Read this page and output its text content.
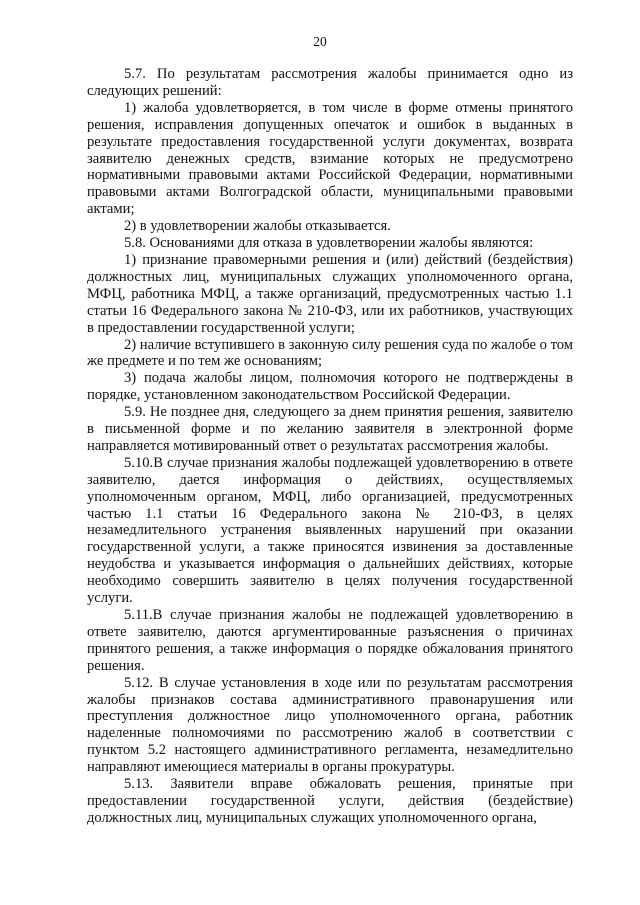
20

5.7. По результатам рассмотрения жалобы принимается одно из следующих решений:

1) жалоба удовлетворяется, в том числе в форме отмены принятого решения, исправления допущенных опечаток и ошибок в выданных в результате предоставления государственной услуги документах, возврата заявителю денежных средств, взимание которых не предусмотрено нормативными правовыми актами Российской Федерации, нормативными правовыми актами Волгоградской области, муниципальными правовыми актами;

2) в удовлетворении жалобы отказывается.

5.8. Основаниями для отказа в удовлетворении жалобы являются:

1) признание правомерными решения и (или) действий (бездействия) должностных лиц, муниципальных служащих уполномоченного органа, МФЦ, работника МФЦ, а также организаций, предусмотренных частью 1.1 статьи 16 Федерального закона № 210-ФЗ, или их работников, участвующих в предоставлении государственной услуги;

2) наличие вступившего в законную силу решения суда по жалобе о том же предмете и по тем же основаниям;

3) подача жалобы лицом, полномочия которого не подтверждены в порядке, установленном законодательством Российской Федерации.

5.9. Не позднее дня, следующего за днем принятия решения, заявителю в письменной форме и по желанию заявителя в электронной форме направляется мотивированный ответ о результатах рассмотрения жалобы.

5.10.В случае признания жалобы подлежащей удовлетворению в ответе заявителю, дается информация о действиях, осуществляемых уполномоченным органом, МФЦ, либо организацией, предусмотренных частью 1.1 статьи 16 Федерального закона № 210-ФЗ, в целях незамедлительного устранения выявленных нарушений при оказании государственной услуги, а также приносятся извинения за доставленные неудобства и указывается информация о дальнейших действиях, которые необходимо совершить заявителю в целях получения государственной услуги.

5.11.В случае признания жалобы не подлежащей удовлетворению в ответе заявителю, даются аргументированные разъяснения о причинах принятого решения, а также информация о порядке обжалования принятого решения.

5.12. В случае установления в ходе или по результатам рассмотрения жалобы признаков состава административного правонарушения или преступления должностное лицо уполномоченного органа, работник наделенные полномочиями по рассмотрению жалоб в соответствии с пунктом 5.2 настоящего административного регламента, незамедлительно направляют имеющиеся материалы в органы прокуратуры.

5.13. Заявители вправе обжаловать решения, принятые при предоставлении государственной услуги, действия (бездействие) должностных лиц, муниципальных служащих уполномоченного органа,
